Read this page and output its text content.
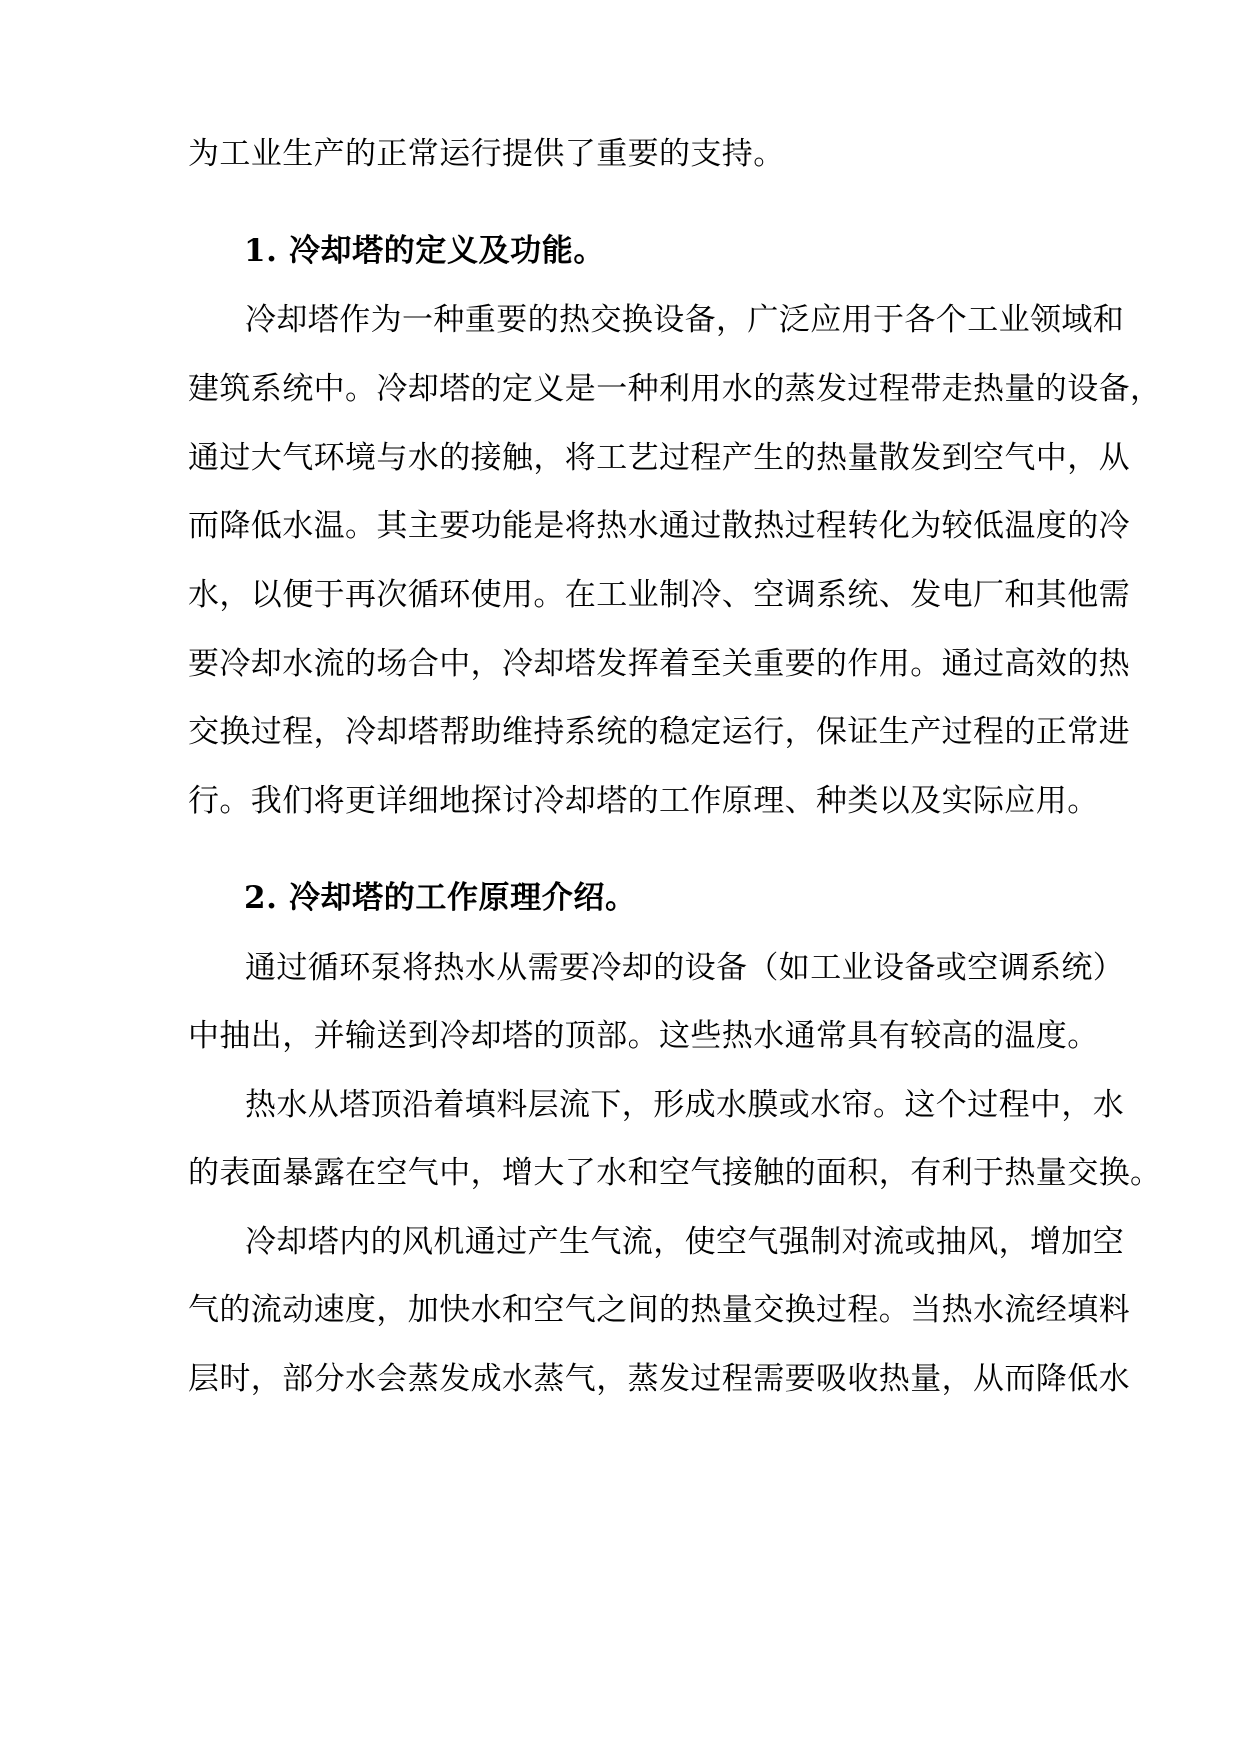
为工业生产的正常运行提供了重要的支持。
1. 冷却塔的定义及功能。
冷却塔作为一种重要的热交换设备，广泛应用于各个工业领域和
建筑系统中。冷却塔的定义是一种利用水的蒸发过程带走热量的设备，
通过大气环境与水的接触，将工艺过程产生的热量散发到空气中，从
而降低水温。其主要功能是将热水通过散热过程转化为较低温度的冷
水，以便于再次循环使用。在工业制冷、空调系统、发电厂和其他需
要冷却水流的场合中，冷却塔发挥着至关重要的作用。通过高效的热
交换过程，冷却塔帮助维持系统的稳定运行，保证生产过程的正常进
行。我们将更详细地探讨冷却塔的工作原理、种类以及实际应用。
2. 冷却塔的工作原理介绍。
通过循环泵将热水从需要冷却的设备（如工业设备或空调系统）
中抽出，并输送到冷却塔的顶部。这些热水通常具有较高的温度。
热水从塔顶沿着填料层流下，形成水膜或水帘。这个过程中，水
的表面暴露在空气中，增大了水和空气接触的面积，有利于热量交换。
冷却塔内的风机通过产生气流，使空气强制对流或抽风，增加空
气的流动速度，加快水和空气之间的热量交换过程。当热水流经填料
层时，部分水会蒸发成水蒸气，蒸发过程需要吸收热量，从而降低水
